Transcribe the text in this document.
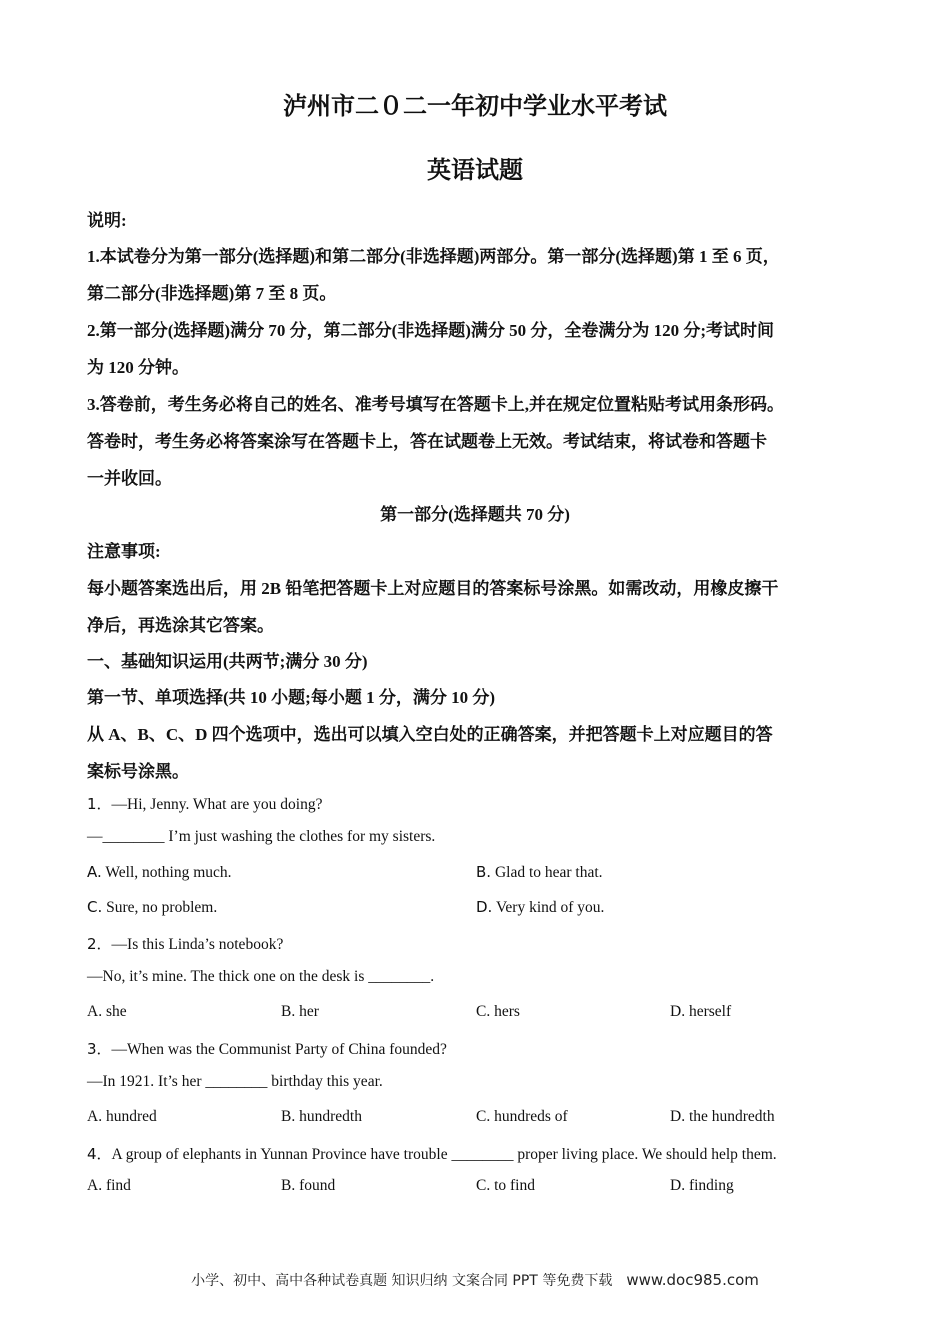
泸州市二０二一年初中学业水平考试
英语试题
说明:
1.本试卷分为第一部分(选择题)和第二部分(非选择题)两部分。第一部分(选择题)第 1 至 6 页，
第二部分(非选择题)第 7 至 8 页。
2.第一部分(选择题)满分 70 分，第二部分(非选择题)满分 50 分，全卷满分为 120 分;考试时间
为 120 分钟。
3.答卷前，考生务必将自己的姓名、准考号填写在答题卡上,并在规定位置粘贴考试用条形码。
答卷时，考生务必将答案涂写在答题卡上，答在试题卷上无效。考试结束，将试卷和答题卡
一并收回。
第一部分(选择题共 70 分)
注意事项:
每小题答案选出后，用 2B 铅笔把答题卡上对应题目的答案标号涂黑。如需改动，用橡皮擦干
净后，再选涂其它答案。
一、基础知识运用(共两节;满分 30 分)
第一节、单项选择(共 10 小题;每小题 1 分，满分 10 分)
从 A、B、C、D 四个选项中，选出可以填入空白处的正确答案，并把答题卡上对应题目的答
案标号涂黑。
1．—Hi, Jenny. What are you doing?
—________ I’m just washing the clothes for my sisters.
A. Well, nothing much.	B. Glad to hear that.
C. Sure, no problem.	D. Very kind of you.
2．—Is this Linda’s notebook?
—No, it’s mine. The thick one on the desk is ________.
A. she	B. her	C. hers	D. herself
3．—When was the Communist Party of China founded?
—In 1921. It’s her ________ birthday this year.
A. hundred	B. hundredth	C. hundreds of	D. the hundredth
4．A group of elephants in Yunnan Province have trouble ________ proper living place. We should help them.
A. find	B. found	C. to find	D. finding
小学、初中、高中各种试卷真题 知识归纳 文案合同 PPT 等免费下载 www.doc985.com
